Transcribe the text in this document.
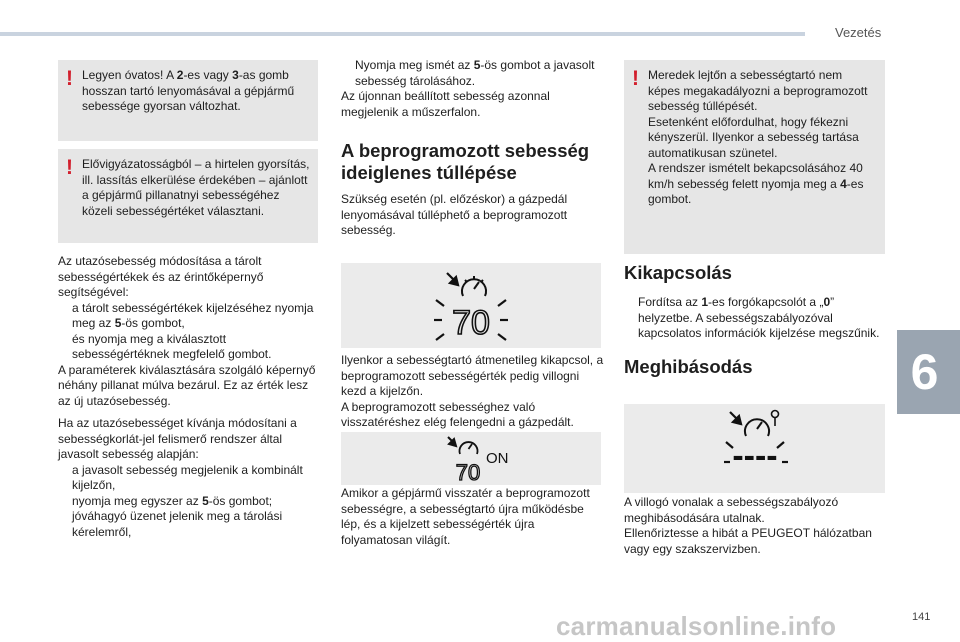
Vezetés
6
! Legyen óvatos! A 2-es vagy 3-as gomb hosszan tartó lenyomásával a gépjármű sebessége gyorsan változhat.
! Elővigyázatosságból – a hirtelen gyorsítás, ill. lassítás elkerülése érdekében – ajánlott a gépjármű pillanatnyi sebességéhez közeli sebességértéket választani.

Az utazósebesség módosítása a tárolt sebességértékek és az érintőképernyő segítségével:

a tárolt sebességértékek kijelzéséhez nyomja meg az 5-ös gombot,
és nyomja meg a kiválasztott sebességértéknek megfelelő gombot.

A paraméterek kiválasztására szolgáló képernyő néhány pillanat múlva bezárul. Ez az érték lesz az új utazósebesség.

Ha az utazósebességet kívánja módosítani a sebességkorlát-jel felismerő rendszer által javasolt sebesség alapján:

a javasolt sebesség megjelenik a kombinált kijelzőn,
nyomja meg egyszer az 5-ös gombot; jóváhagyó üzenet jelenik meg a tárolási kérelemről,
Nyomja meg ismét az 5-ös gombot a javasolt sebesség tárolásához.

Az újonnan beállított sebesség azonnal megjelenik a műszerfalon.

A beprogramozott sebesség ideiglenes túllépése
Szükség esetén (pl. előzéskor) a gázpedál lenyomásával túlléphető a beprogramozott sebesség.
70

Ilyenkor a sebességtartó átmenetileg kikapcsol, a beprogramozott sebességérték pedig villogni kezd a kijelzőn.
A beprogramozott sebességhez való visszatéréshez elég felengedni a gázpedált.

70
ON
Amikor a gépjármű visszatér a beprogramozott sebességre, a sebességtartó újra működésbe lép, és a kijelzett sebességérték újra folyamatosan világít.
! Meredek lejtőn a sebességtartó nem képes megakadályozni a beprogramozott sebesség túllépését.
Esetenként előfordulhat, hogy fékezni kényszerül. Ilyenkor a sebesség tartása automatikusan szünetel.
A rendszer ismételt bekapcsolásához 40 km/h sebesség felett nyomja meg a 4-es gombot.
Kikapcsolás
Fordítsa az 1-es forgókapcsolót a „0” helyzetbe. A sebességszabályozóval kapcsolatos információk kijelzése megszűnik.
Meghibásodás
----

A villogó vonalak a sebességszabályozó meghibásodására utalnak.
Ellenőriztesse a hibát a PEUGEOT hálózatban vagy egy szakszervizben.

carmanualsonline.info	141
